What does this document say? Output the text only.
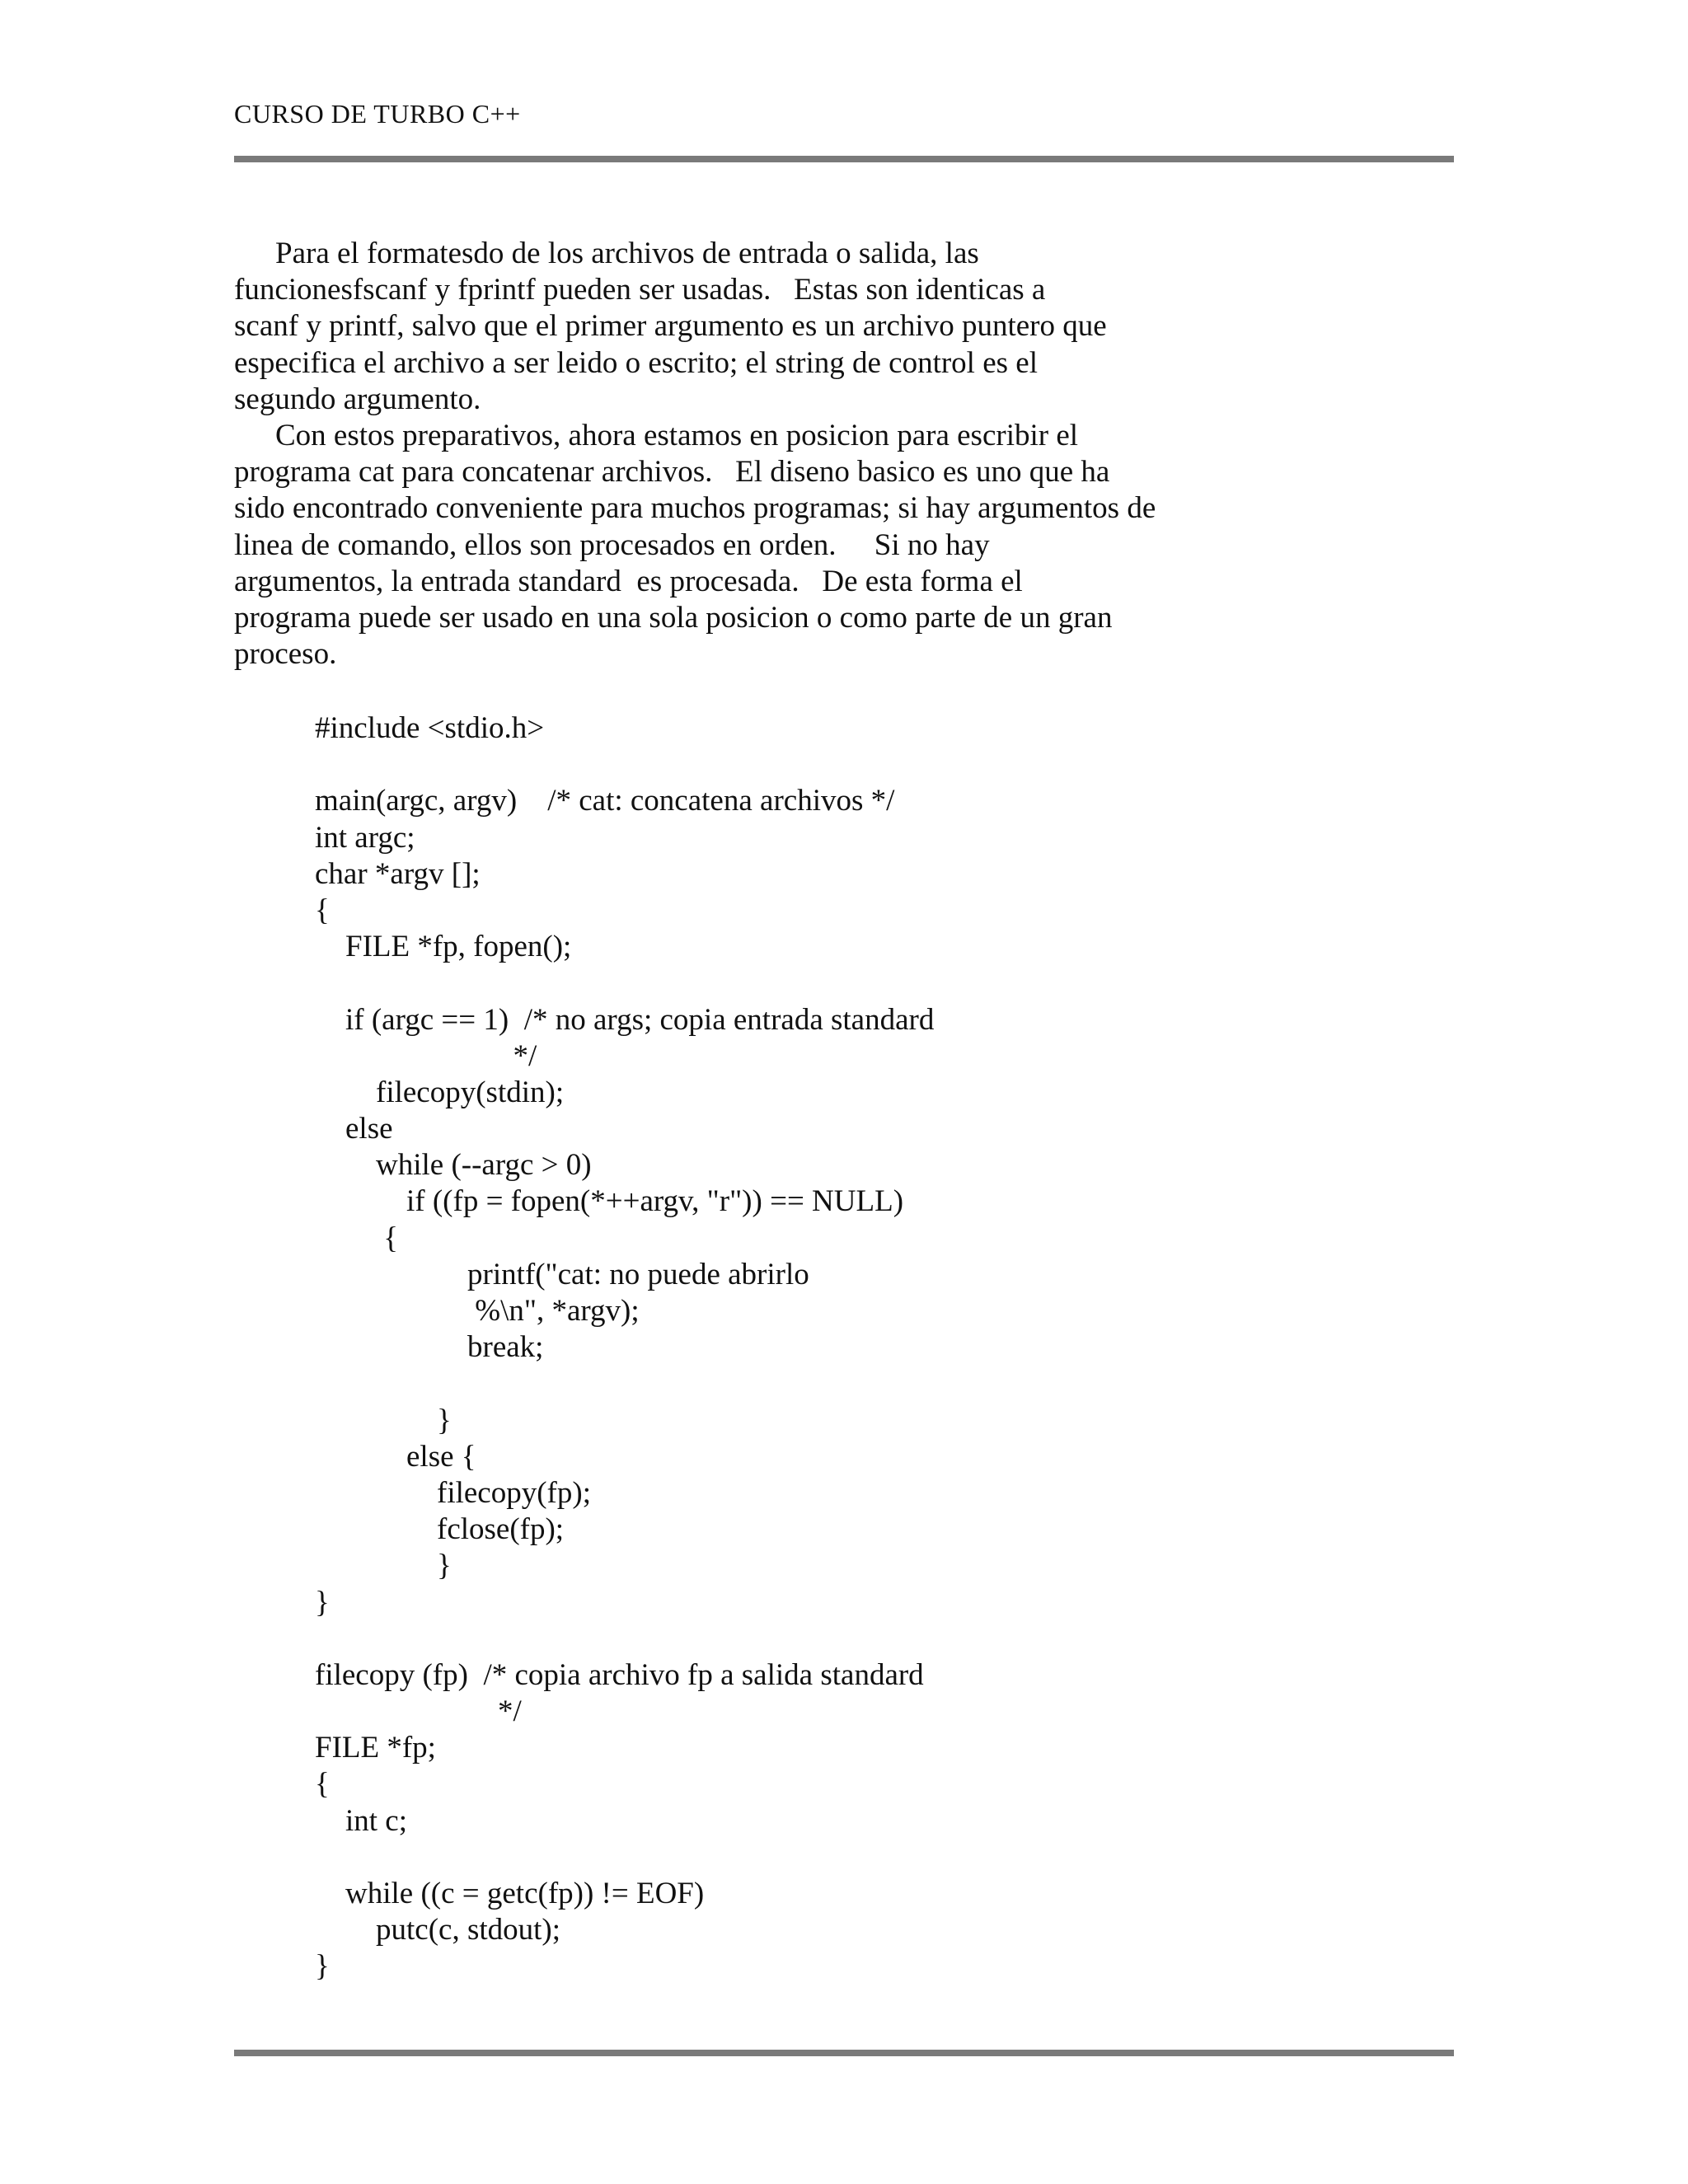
CURSO DE TURBO C++
Para el formatesdo de los archivos de entrada o salida, las
funcionesfscanf y fprintf pueden ser usadas.   Estas son identicas a
scanf y printf, salvo que el primer argumento es un archivo puntero que
especifica el archivo a ser leido o escrito; el string de control es el
segundo argumento.
Con estos preparativos, ahora estamos en posicion para escribir el
programa cat para concatenar archivos.   El diseno basico es uno que ha
sido encontrado conveniente para muchos programas; si hay argumentos de
linea de comando, ellos son procesados en orden.     Si no hay
argumentos, la entrada standard  es procesada.   De esta forma el
programa puede ser usado en una sola posicion o como parte de un gran
proceso.
#include <stdio.h>
main(argc, argv)    /* cat: concatena archivos */
int argc;
char *argv [];
{
FILE *fp, fopen();
if (argc == 1)  /* no args; copia entrada standard
*/
filecopy(stdin);
else
while (--argc > 0)
if ((fp = fopen(*++argv, "r")) == NULL)
{
printf("cat: no puede abrirlo
%\n", *argv);
break;
}
else {
filecopy(fp);
fclose(fp);
}
}
filecopy (fp)  /* copia archivo fp a salida standard
*/
FILE *fp;
{
int c;
while ((c = getc(fp)) != EOF)
putc(c, stdout);
}
